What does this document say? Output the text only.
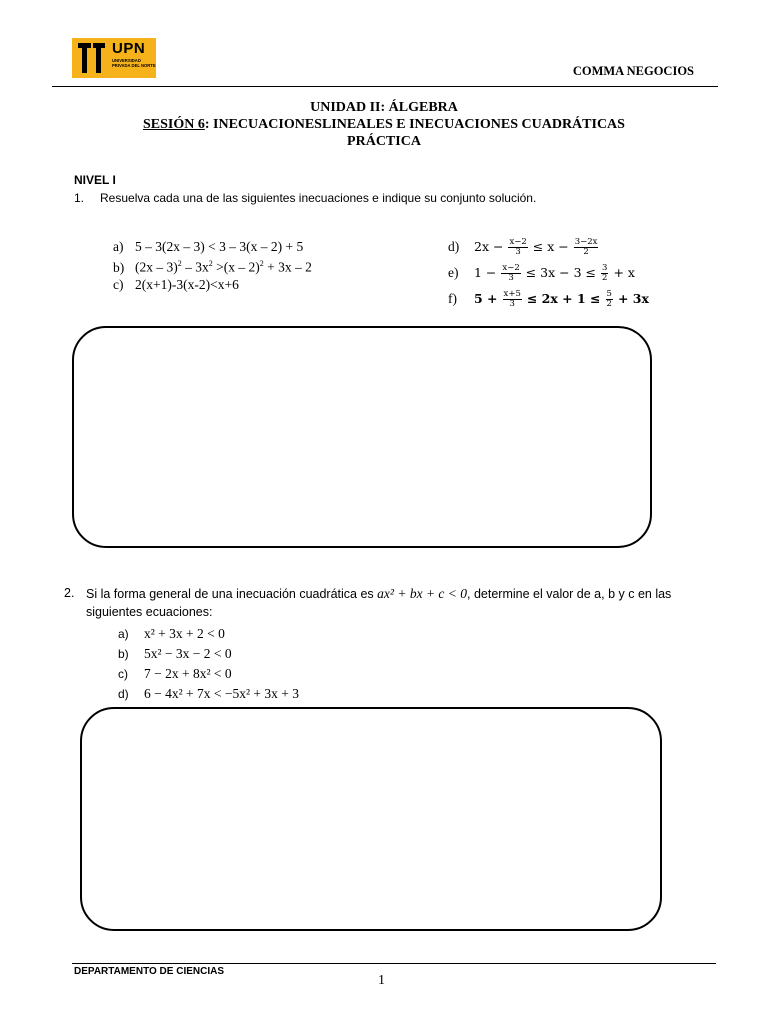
UPN
UNIVERSIDAD PRIVADA DEL NORTE	COMMA NEGOCIOS
UNIDAD II: ÁLGEBRA
SESIÓN 6: INECUACIONESLINEALES E INECUACIONES CUADRÁTICAS
PRÁCTICA
NIVEL I
1. Resuelva cada una de las siguientes inecuaciones e indique su conjunto solución.
a) 5 – 3(2x – 3) < 3 – 3(x – 2) + 5
b) $(2x - 3)^2 - 3x^2 >(x - 2)^2 + 3x - 2$
c) 2(x+1)-3(x-2)<x+6
d) $2x - \frac{x-2}{3} \le x - \frac{3-2x}{2}$
e) $1 - \frac{x-2}{3} \le 3x - 3 \le \frac{3}{2} + x$
f) $5 + \frac{x+5}{3} \le 2x + 1 \le \frac{5}{2} + 3x$
2. Si la forma general de una inecuación cuadrática es ax² + bx + c < 0, determine el valor de a, b y c en las
siguientes ecuaciones:
a) x² + 3x + 2 < 0
b) 5x² − 3x − 2 < 0
c) 7 − 2x + 8x² < 0
d) 6 − 4x² + 7x < −5x² + 3x + 3
DEPARTAMENTO DE CIENCIAS
1
